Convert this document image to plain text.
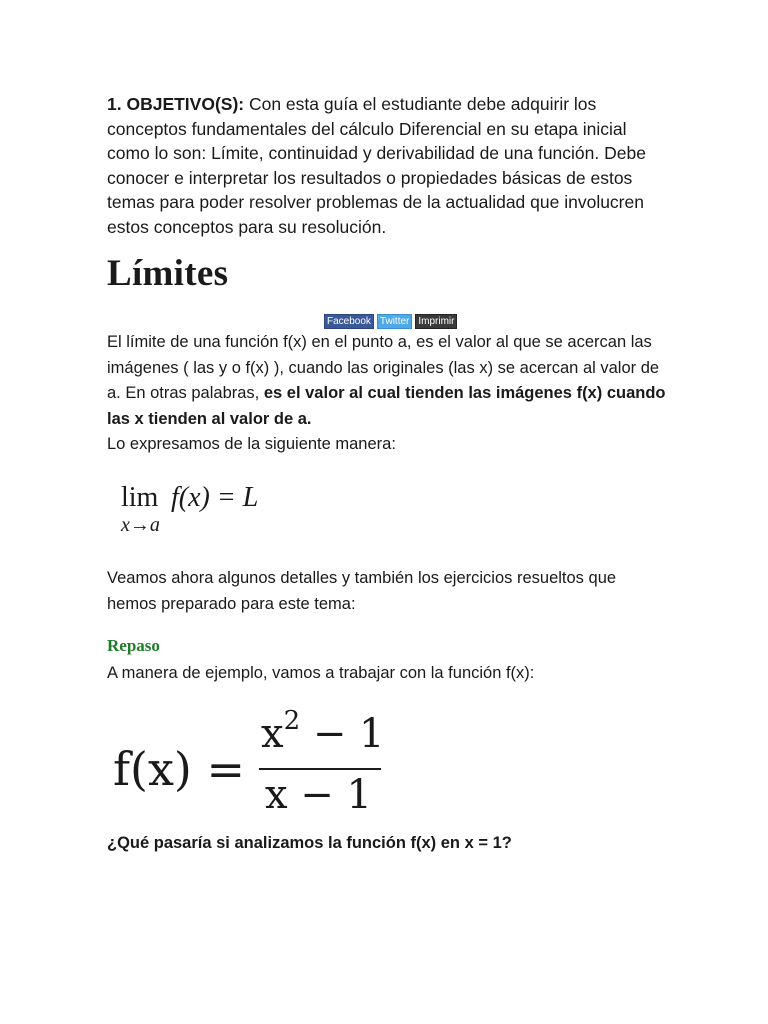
1. OBJETIVO(S): Con esta guía el estudiante debe adquirir los conceptos fundamentales del cálculo Diferencial en su etapa inicial como lo son: Límite, continuidad y derivabilidad de una función. Debe conocer e interpretar los resultados o propiedades básicas de estos temas para poder resolver problemas de la actualidad que involucren estos conceptos para su resolución.

Límites
Facebook Twitter Imprimir

El límite de una función f(x) en el punto a, es el valor al que se acercan las imágenes ( las y o f(x) ), cuando las originales (las x) se acercan al valor de a. En otras palabras, es el valor al cual tienden las imágenes f(x) cuando las x tienden al valor de a.

Lo expresamos de la siguiente manera:

lim
x→a
f(x) = L

Veamos ahora algunos detalles y también los ejercicios resueltos que hemos preparado para este tema:

Repaso

A manera de ejemplo, vamos a trabajar con la función f(x):

f(x) =
$x^2 - 1$
x − 1

¿Qué pasaría si analizamos la función f(x) en x = 1?
